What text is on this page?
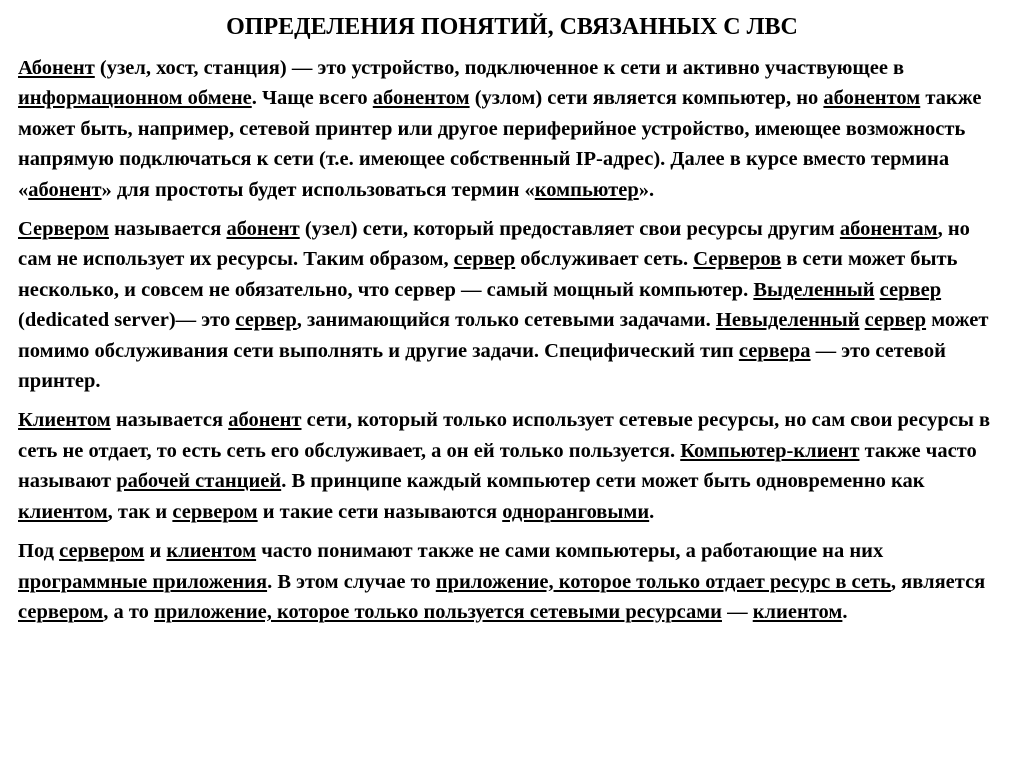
ОПРЕДЕЛЕНИЯ ПОНЯТИЙ, СВЯЗАННЫХ С ЛВС

Абонент (узел, хост, станция) — это устройство, подключенное к сети и активно участвующее в информационном обмене. Чаще всего абонентом (узлом) сети является компьютер, но абонентом также может быть, например, сетевой принтер или другое периферийное устройство, имеющее возможность напрямую подключаться к сети (т.е. имеющее собственный IP-адрес). Далее в курсе вместо термина «абонент» для простоты будет использоваться термин «компьютер».

Сервером называется абонент (узел) сети, который предоставляет свои ресурсы другим абонентам, но сам не использует их ресурсы. Таким образом, сервер обслуживает сеть. Серверов в сети может быть несколько, и совсем не обязательно, что сервер — самый мощный компьютер. Выделенный сервер (dedicated server)— это сервер, занимающийся только сетевыми задачами. Невыделенный сервер может помимо обслуживания сети выполнять и другие задачи. Специфический тип сервера — это сетевой принтер.

Клиентом называется абонент сети, который только использует сетевые ресурсы, но сам свои ресурсы в сеть не отдает, то есть сеть его обслуживает, а он ей только пользуется. Компьютер-клиент также часто называют рабочей станцией. В принципе каждый компьютер сети может быть одновременно как клиентом, так и сервером и такие сети называются одноранговыми.

Под сервером и клиентом часто понимают также не сами компьютеры, а работающие на них программные приложения. В этом случае то приложение, которое только отдает ресурс в сеть, является сервером, а то приложение, которое только пользуется сетевыми ресурсами — клиентом.
